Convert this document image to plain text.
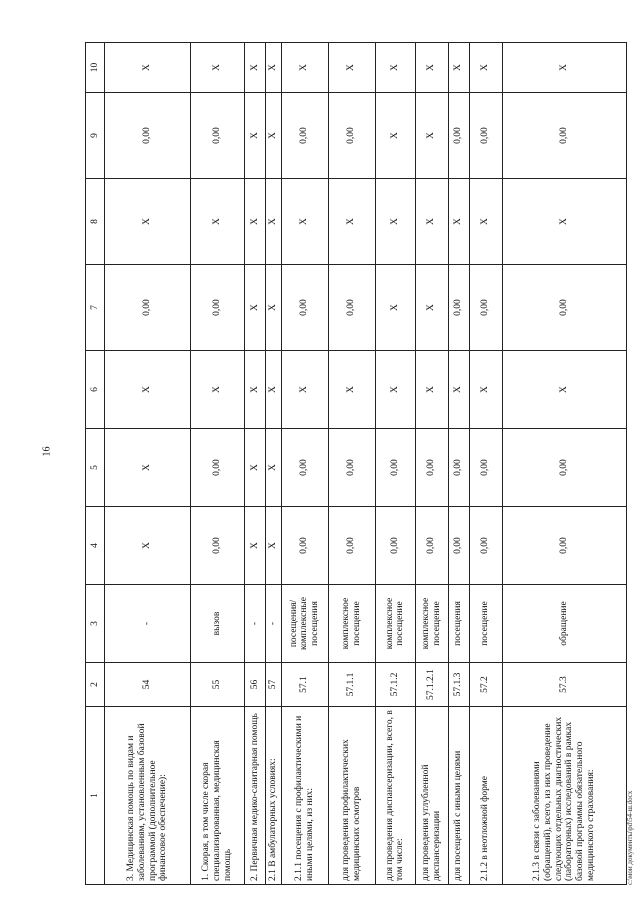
16
1	2	3	4	5	6	7	8	9	10
3. Медицинская помощь по видам и заболеваниям, установленным базовой программой (дополнительное финансовое обеспечение):	54	-	X	X	X	0,00	X	0,00	X
1. Скорая, в том числе скорая специализированная, медицинская помощь	55	вызов	0,00	0,00	X	0,00	X	0,00	X
2. Первичная медико-санитарная помощь	56	-	X	X	X	X	X	X	X
2.1 В амбулаторных условиях:	57	-	X	X	X	X	X	X	X
2.1.1 посещения с профилактическими и иными целями, из них:	57.1	посещения/ комплексные посещения	0,00	0,00	X	0,00	X	0,00	X
для проведения профилактических медицинских осмотров	57.1.1	комплексное посещение	0,00	0,00	X	0,00	X	0,00	X
для проведения диспансеризации, всего, в том числе:	57.1.2	комплексное посещение	0,00	0,00	X	X	X	X	X
для проведения углубленной диспансеризации	57.1.2.1	комплексное посещение	0,00	0,00	X	X	X	X	X
для посещений с иными целями	57.1.3	посещения	0,00	0,00	X	0,00	X	0,00	X
2.1.2 в неотложной форме	57.2	посещение	0,00	0,00	X	0,00	X	0,00	X
2.1.3 в связи с заболеваниями (обращений), всего, из них проведение следующих отдельных диагностических (лабораторных) исследований в рамках базовой программы обязательного медицинского страхования:	57.3	обращение	0,00	0,00	X	0,00	X	0,00	X
c:\мои документы\pd\54-ш.docx
